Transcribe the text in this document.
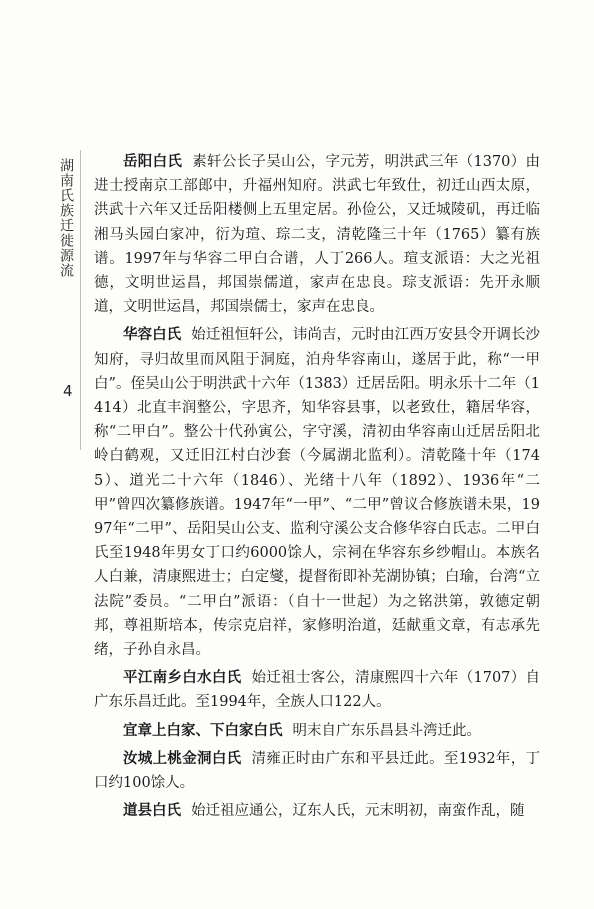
湖南氏族迁徙源流
4

岳阳白氏 素轩公长子吴山公，字元芳，明洪武三年（1370）由进士授南京工部郎中，升福州知府。洪武七年致仕，初迁山西太原，洪武十六年又迁岳阳楼侧上五里定居。孙俭公，又迁城陵矶，再迁临湘马头园白家冲，衍为瑄、琮二支，清乾隆三十年（1765）纂有族谱。1997年与华容二甲白合谱，人丁266人。瑄支派语：大之光祖德，文明世运昌，邦国崇儒道，家声在忠良。琮支派语：先开永顺道，文明世运昌，邦国崇儒士，家声在忠良。

华容白氏 始迁祖恒轩公，讳尚吉，元时由江西万安县令开调长沙知府，寻归故里而风阻于洞庭，泊舟华容南山，遂居于此，称“一甲白”。侄吴山公于明洪武十六年（1383）迁居岳阳。明永乐十二年（1414）北直丰润整公，字思齐，知华容县事，以老致仕，籍居华容，称“二甲白”。整公十代孙寅公，字守溪，清初由华容南山迁居岳阳北岭白鹤观，又迁旧江村白沙套（今属湖北监利）。清乾隆十年（1745）、道光二十六年（1846）、光绪十八年（1892）、1936年“二甲”曾四次纂修族谱。1947年“一甲”、“二甲”曾议合修族谱未果，1997年“二甲”、岳阳吴山公支、监利守溪公支合修华容白氏志。二甲白氏至1948年男女丁口约6000馀人，宗祠在华容东乡纱帽山。本族名人白兼，清康熙进士；白定燮，提督衔即补芜湖协镇；白瑜，台湾“立法院”委员。“二甲白”派语：（自十一世起）为之铭洪第，敦德定朝邦，尊祖斯培本，传宗克启祥，家修明治道，廷献重文章，有志承先绪，子孙自永昌。

平江南乡白水白氏 始迁祖士客公，清康熙四十六年（1707）自广东乐昌迁此。至1994年，全族人口122人。

宜章上白家、下白家白氏 明末自广东乐昌县斗湾迁此。

汝城上桃金洞白氏 清雍正时由广东和平县迁此。至1932年，丁口约100馀人。

道县白氏 始迁祖应通公，辽东人氏，元末明初，南蛮作乱，随
